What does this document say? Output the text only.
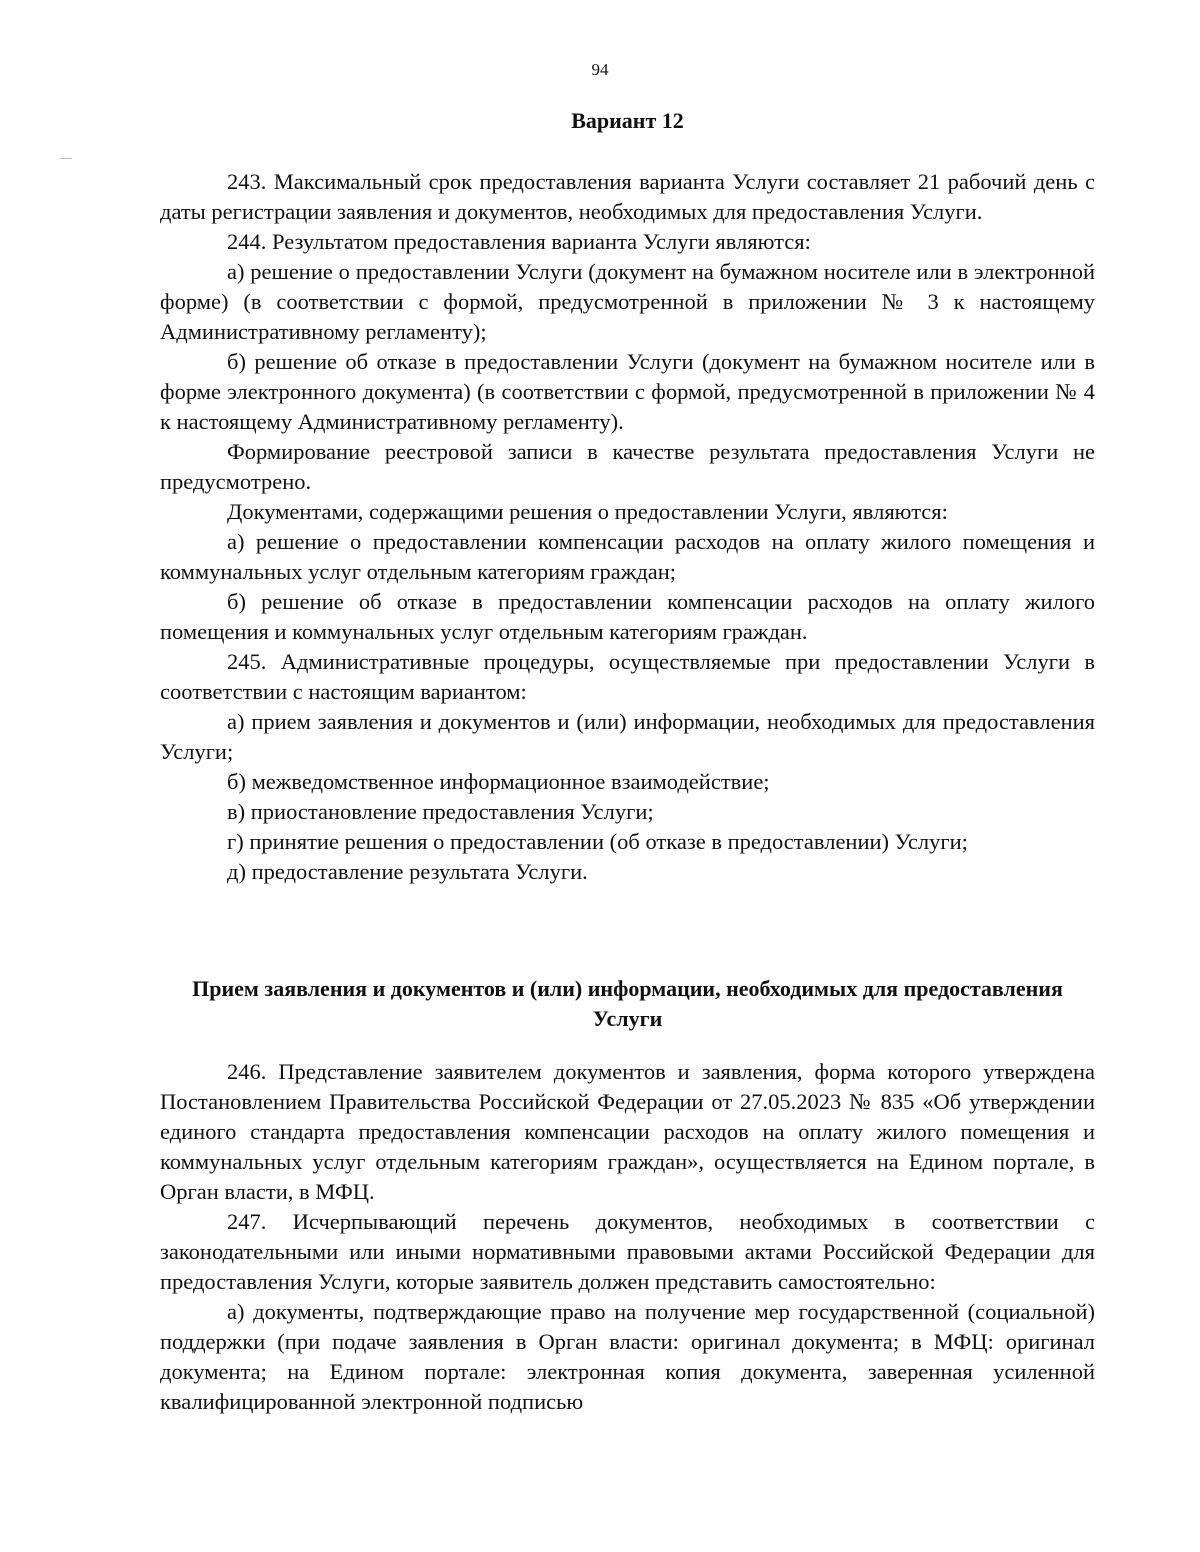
94
Вариант 12

243. Максимальный срок предоставления варианта Услуги составляет 21 рабочий день с даты регистрации заявления и документов, необходимых для предоставления Услуги.

244. Результатом предоставления варианта Услуги являются:

а) решение о предоставлении Услуги (документ на бумажном носителе или в электронной форме) (в соответствии с формой, предусмотренной в приложении № 3 к настоящему Административному регламенту);

б) решение об отказе в предоставлении Услуги (документ на бумажном носителе или в форме электронного документа) (в соответствии с формой, предусмотренной в приложении № 4 к настоящему Административному регламенту).

Формирование реестровой записи в качестве результата предоставления Услуги не предусмотрено.

Документами, содержащими решения о предоставлении Услуги, являются:

а) решение о предоставлении компенсации расходов на оплату жилого помещения и коммунальных услуг отдельным категориям граждан;

б) решение об отказе в предоставлении компенсации расходов на оплату жилого помещения и коммунальных услуг отдельным категориям граждан.

245. Административные процедуры, осуществляемые при предоставлении Услуги в соответствии с настоящим вариантом:

а) прием заявления и документов и (или) информации, необходимых для предоставления Услуги;

б) межведомственное информационное взаимодействие;

в) приостановление предоставления Услуги;

г) принятие решения о предоставлении (об отказе в предоставлении) Услуги;

д) предоставление результата Услуги.

Прием заявления и документов и (или) информации, необходимых для предоставления Услуги

246. Представление заявителем документов и заявления, форма которого утверждена Постановлением Правительства Российской Федерации от 27.05.2023 № 835 «Об утверждении единого стандарта предоставления компенсации расходов на оплату жилого помещения и коммунальных услуг отдельным категориям граждан», осуществляется на Едином портале, в Орган власти, в МФЦ.

247. Исчерпывающий перечень документов, необходимых в соответствии с законодательными или иными нормативными правовыми актами Российской Федерации для предоставления Услуги, которые заявитель должен представить самостоятельно:

а) документы, подтверждающие право на получение мер государственной (социальной) поддержки (при подаче заявления в Орган власти: оригинал документа; в МФЦ: оригинал документа; на Едином портале: электронная копия документа, заверенная усиленной квалифицированной электронной подписью
